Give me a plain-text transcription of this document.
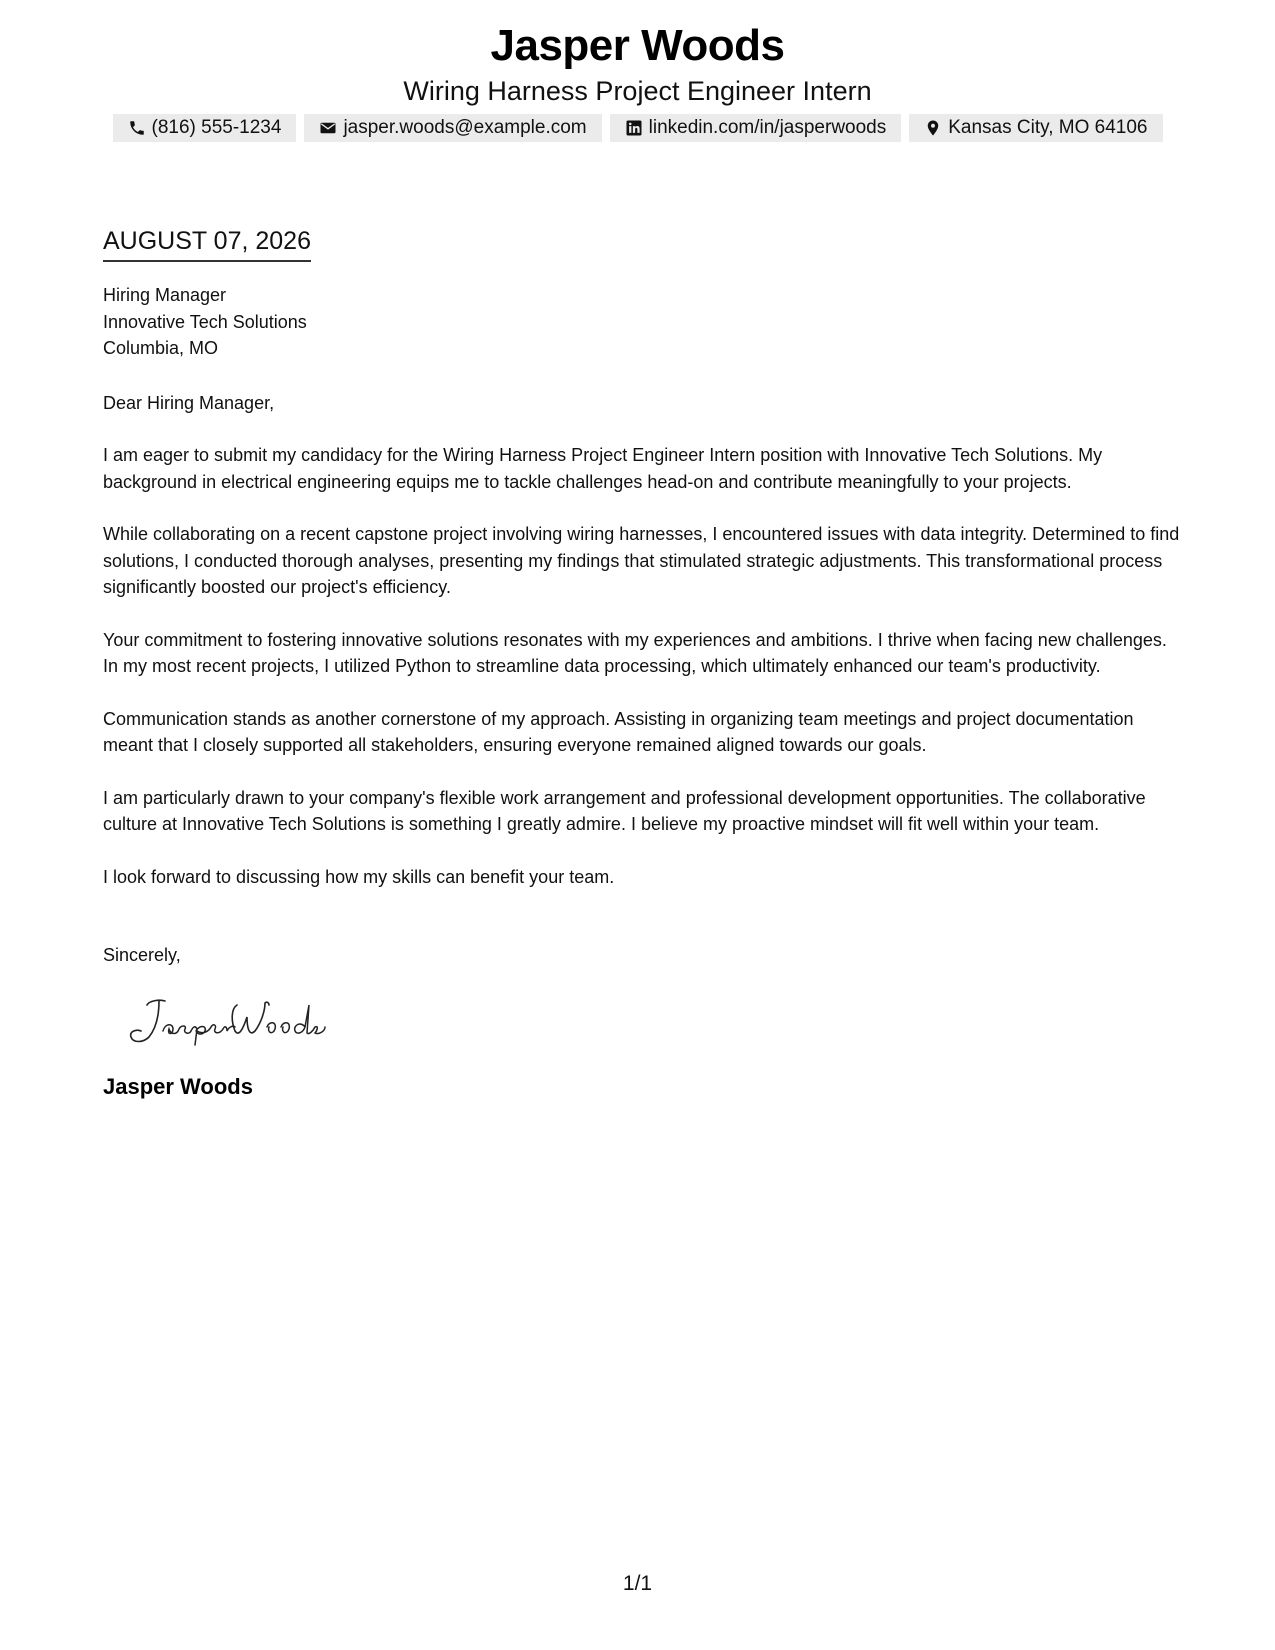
Jasper Woods
Wiring Harness Project Engineer Intern
(816) 555-1234	jasper.woods@example.com	linkedin.com/in/jasperwoods	Kansas City, MO 64106
AUGUST 07, 2026
Hiring Manager
Innovative Tech Solutions
Columbia, MO

Dear Hiring Manager,

I am eager to submit my candidacy for the Wiring Harness Project Engineer Intern position with Innovative Tech Solutions. My background in electrical engineering equips me to tackle challenges head-on and contribute meaningfully to your projects.

While collaborating on a recent capstone project involving wiring harnesses, I encountered issues with data integrity. Determined to find solutions, I conducted thorough analyses, presenting my findings that stimulated strategic adjustments. This transformational process significantly boosted our project's efficiency.

Your commitment to fostering innovative solutions resonates with my experiences and ambitions. I thrive when facing new challenges. In my most recent projects, I utilized Python to streamline data processing, which ultimately enhanced our team's productivity.

Communication stands as another cornerstone of my approach. Assisting in organizing team meetings and project documentation meant that I closely supported all stakeholders, ensuring everyone remained aligned towards our goals.

I am particularly drawn to your company's flexible work arrangement and professional development opportunities. The collaborative culture at Innovative Tech Solutions is something I greatly admire. I believe my proactive mindset will fit well within your team.

I look forward to discussing how my skills can benefit your team.

Sincerely,

Jasper Woods
1/1
